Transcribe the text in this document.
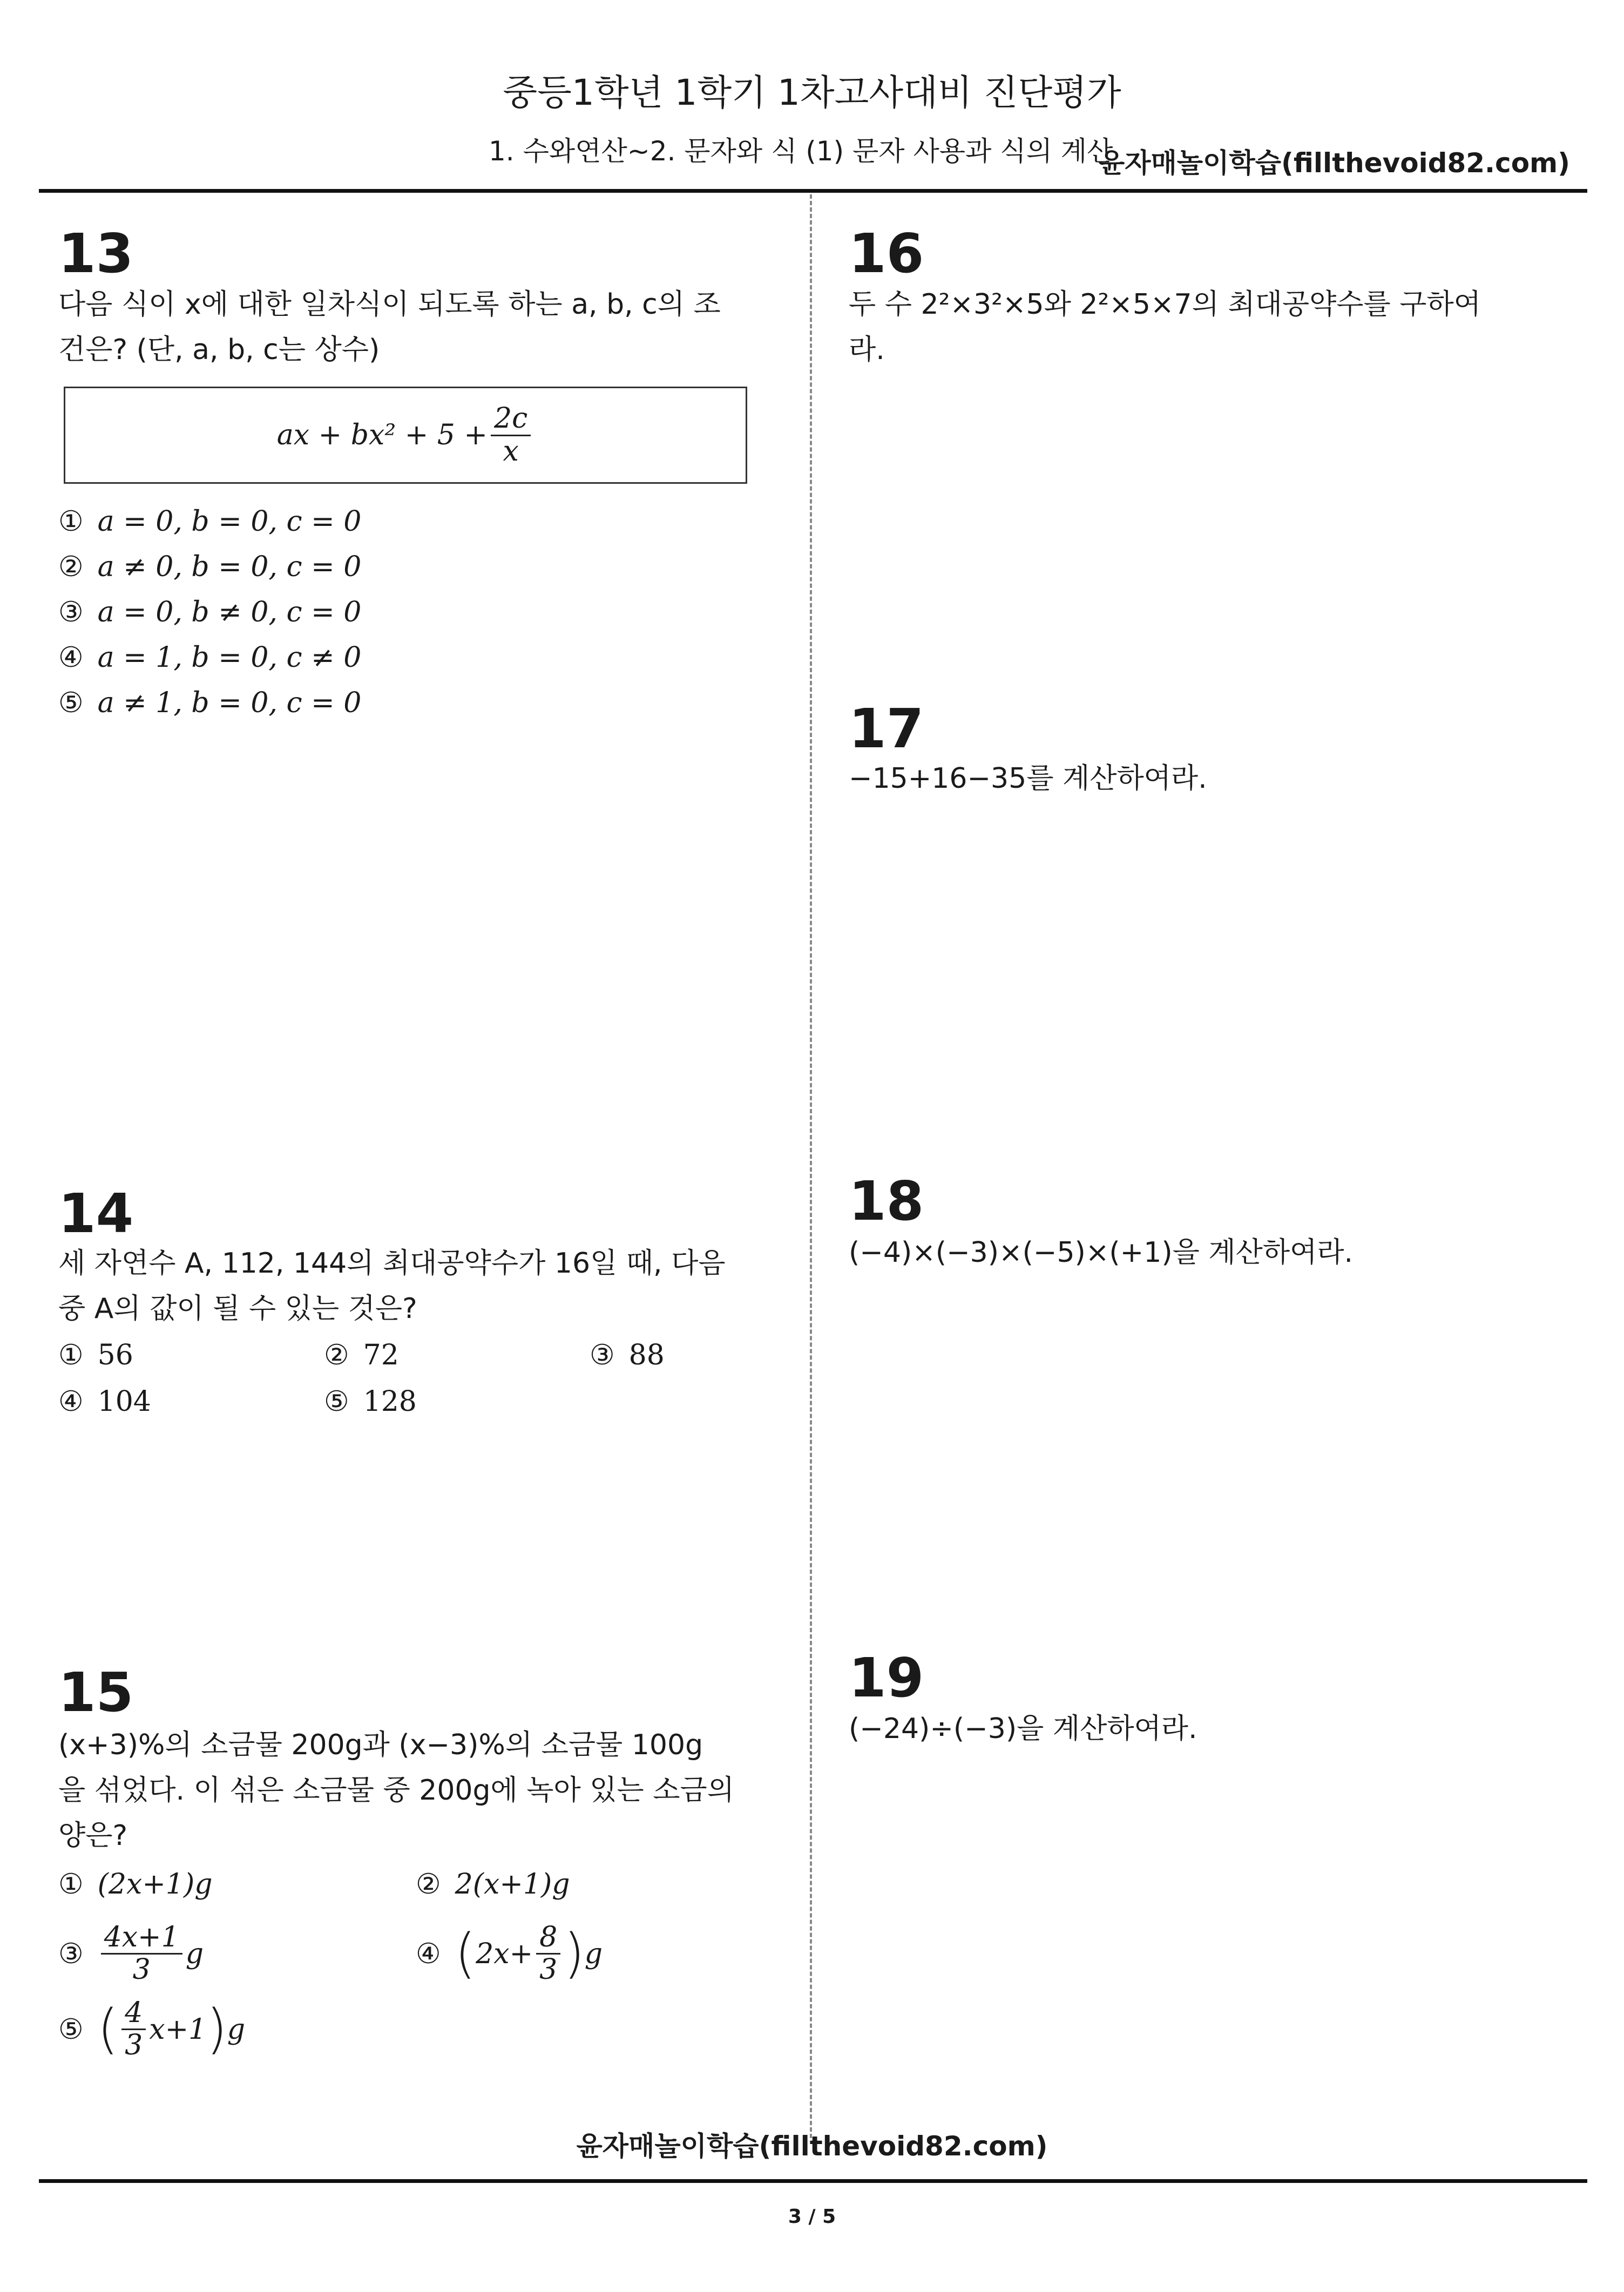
중등1학년 1학기 1차고사대비 진단평가
1. 수와연산~2. 문자와 식 (1) 문자 사용과 식의 계산
윤자매놀이학습(fillthevoid82.com)
13
다음 식이 x에 대한 일차식이 되도록 하는 a, b, c의 조
건은? (단, a, b, c는 상수)
ax + $bx^2 + 5 + \frac{2c}{x}$
① a = 0, b = 0, c = 0
② a ≠ 0, b = 0, c = 0
③ a = 0, b ≠ 0, c = 0
④ a = 1, b = 0, c ≠ 0
⑤ a ≠ 1, b = 0, c = 0
14
세 자연수 A, 112, 144의 최대공약수가 16일 때, 다음
중 A의 값이 될 수 있는 것은?
① 56	② 72	③ 88
④ 104	⑤ 128
15
(x+3)%의 소금물 200g과 (x−3)%의 소금물 100g
을 섞었다. 이 섞은 소금물 중 200g에 녹아 있는 소금의
양은?
① (2x+1)g	② 2(x+1)g
③ $\frac{4x+1}{3}$ g	④ ( $2x+ \frac{8}{3}$ ) g
⑤ ( $\frac{4}{3} x+1$ ) g
16
두 수 2²×3²×5와 2²×5×7의 최대공약수를 구하여
라.
17
−15+16−35를 계산하여라.
18
(−4)×(−3)×(−5)×(+1)을 계산하여라.
19
(−24)÷(−3)을 계산하여라.
윤자매놀이학습(fillthevoid82.com)
3 / 5
